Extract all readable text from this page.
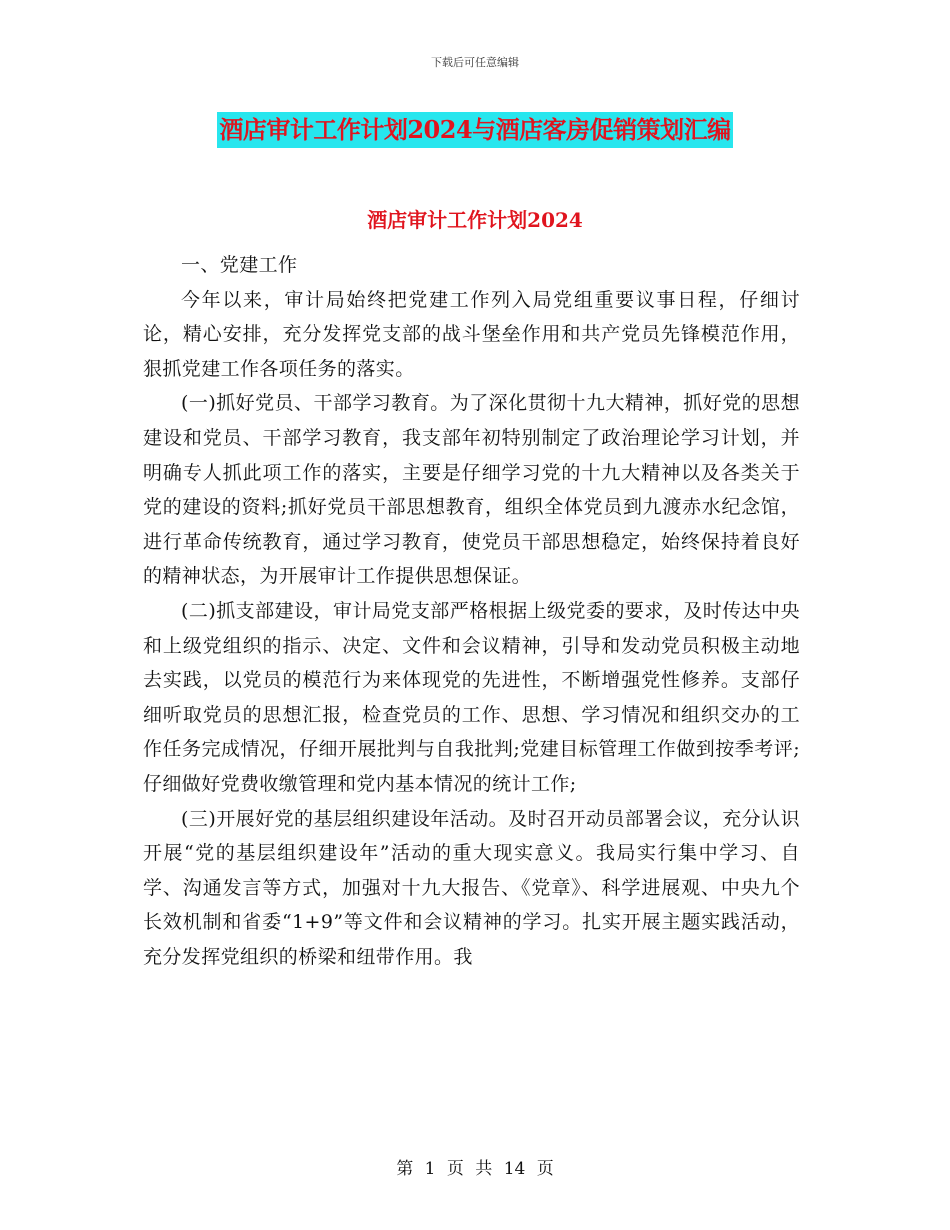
下载后可任意编辑
酒店审计工作计划2024与酒店客房促销策划汇编
酒店审计工作计划2024

一、党建工作

今年以来，审计局始终把党建工作列入局党组重要议事日程，仔细讨论，精心安排，充分发挥党支部的战斗堡垒作用和共产党员先锋模范作用，狠抓党建工作各项任务的落实。

(一)抓好党员、干部学习教育。为了深化贯彻十九大精神，抓好党的思想建设和党员、干部学习教育，我支部年初特别制定了政治理论学习计划，并明确专人抓此项工作的落实，主要是仔细学习党的十九大精神以及各类关于党的建设的资料;抓好党员干部思想教育，组织全体党员到九渡赤水纪念馆，进行革命传统教育，通过学习教育，使党员干部思想稳定，始终保持着良好的精神状态，为开展审计工作提供思想保证。

(二)抓支部建设，审计局党支部严格根据上级党委的要求，及时传达中央和上级党组织的指示、决定、文件和会议精神，引导和发动党员积极主动地去实践，以党员的模范行为来体现党的先进性，不断增强党性修养。支部仔细听取党员的思想汇报，检查党员的工作、思想、学习情况和组织交办的工作任务完成情况，仔细开展批判与自我批判;党建目标管理工作做到按季考评;仔细做好党费收缴管理和党内基本情况的统计工作;

(三)开展好党的基层组织建设年活动。及时召开动员部署会议，充分认识开展“党的基层组织建设年”活动的重大现实意义。我局实行集中学习、自学、沟通发言等方式，加强对十九大报告、《党章》、科学进展观、中央九个长效机制和省委“1+9”等文件和会议精神的学习。扎实开展主题实践活动，充分发挥党组织的桥梁和纽带作用。我

第 1 页 共 14 页
